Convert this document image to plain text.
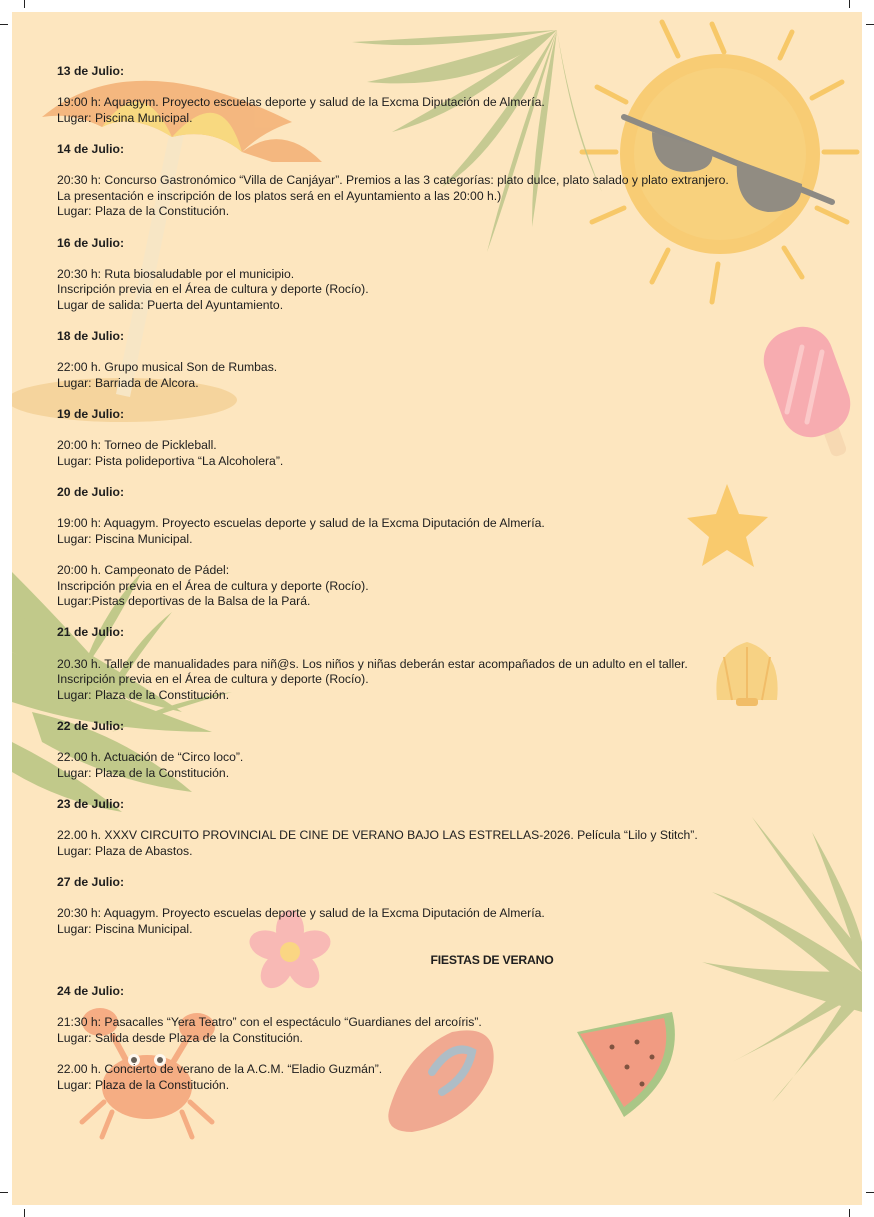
13 de Julio:
19:00 h: Aquagym. Proyecto escuelas deporte y salud de la Excma Diputación de Almería.
Lugar: Piscina Municipal.
14 de Julio:
20:30 h: Concurso Gastronómico “Villa de Canjáyar”. Premios a las 3 categorías: plato dulce, plato salado y plato extranjero.
La presentación e inscripción de los platos será en el Ayuntamiento a las 20:00 h.)
Lugar: Plaza de la Constitución.
16 de Julio:
20:30 h: Ruta biosaludable por el municipio.
Inscripción previa en el Área de cultura y deporte (Rocío).
Lugar de salida: Puerta del Ayuntamiento.
18 de Julio:
22:00 h. Grupo musical Son de Rumbas.
Lugar: Barriada de Alcora.
19 de Julio:
20:00 h: Torneo de Pickleball.
Lugar: Pista polideportiva “La Alcoholera”.
20 de Julio:
19:00 h: Aquagym. Proyecto escuelas deporte y salud de la Excma Diputación de Almería.
Lugar: Piscina Municipal.
20:00 h. Campeonato de Pádel:
Inscripción previa en el Área de cultura y deporte (Rocío).
Lugar:Pistas deportivas de la Balsa de la Pará.
21 de Julio:
20.30 h. Taller de manualidades para niñ@s. Los niños y niñas deberán estar acompañados de un adulto en el taller.
Inscripción previa en el Área de cultura y deporte (Rocío).
Lugar: Plaza de la Constitución.
22 de Julio:
22.00 h. Actuación de “Circo loco”.
Lugar: Plaza de la Constitución.
23 de Julio:
22.00 h. XXXV CIRCUITO PROVINCIAL DE CINE DE VERANO BAJO LAS ESTRELLAS-2026. Película “Lilo y Stitch”.
Lugar: Plaza de Abastos.
27 de Julio:
20:30 h: Aquagym. Proyecto escuelas deporte y salud de la Excma Diputación de Almería.
Lugar: Piscina Municipal.
FIESTAS DE VERANO
24 de Julio:
21:30 h: Pasacalles “Yera Teatro” con el espectáculo “Guardianes del arcoíris”.
Lugar: Salida desde Plaza de la Constitución.
22.00 h. Concierto de verano de la A.C.M. “Eladio Guzmán”.
Lugar: Plaza de la Constitución.
